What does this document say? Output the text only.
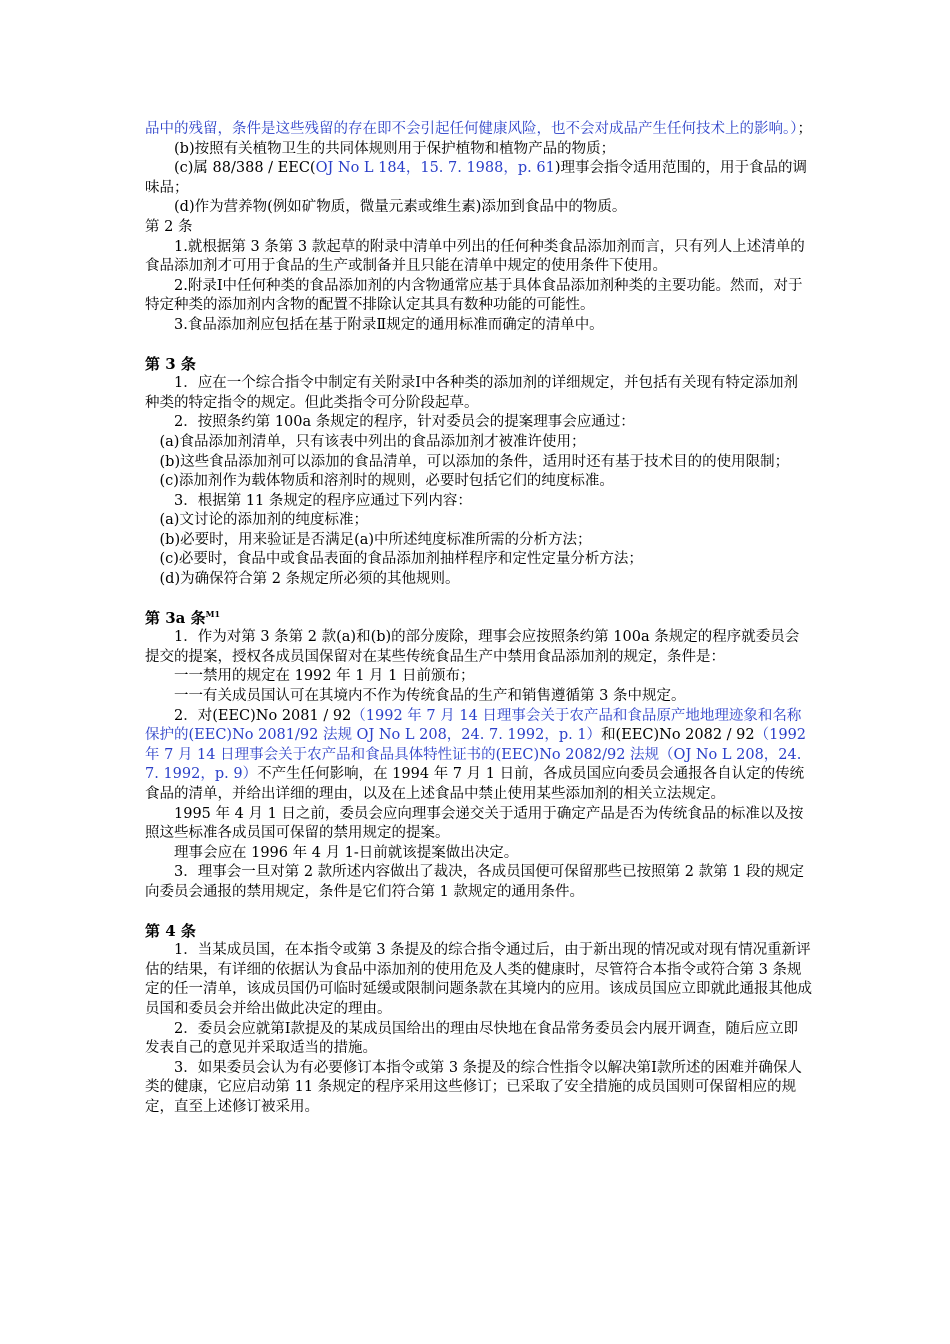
品中的残留，条件是这些残留的存在即不会引起任何健康风险，也不会对成品产生任何技术上的影响。）；

(b)按照有关植物卫生的共同体规则用于保护植物和植物产品的物质；

(c)属 88/388 / EEC(OJ No L 184，15. 7. 1988，p. 61)理事会指令适用范围的，用于食品的调味品；

(d)作为营养物(例如矿物质，微量元素或维生素)添加到食品中的物质。

第 2 条

1.就根据第 3 条第 3 款起草的附录中清单中列出的任何种类食品添加剂而言，只有列人上述清单的食品添加剂才可用于食品的生产或制备并且只能在清单中规定的使用条件下使用。

2.附录Ⅰ中任何种类的食品添加剂的内含物通常应基于具体食品添加剂种类的主要功能。然而，对于特定种类的添加剂内含物的配置不排除认定其具有数种功能的可能性。

3.食品添加剂应包括在基于附录Ⅱ规定的通用标准而确定的清单中。

第 3 条

1．应在一个综合指令中制定有关附录Ⅰ中各种类的添加剂的详细规定，并包括有关现有特定添加剂种类的特定指令的规定。但此类指令可分阶段起草。

2．按照条约第 100a 条规定的程序，针对委员会的提案理事会应通过：

(a)食品添加剂清单，只有该表中列出的食品添加剂才被准许使用；

(b)这些食品添加剂可以添加的食品清单，可以添加的条件，适用时还有基于技术目的的使用限制；

(c)添加剂作为载体物质和溶剂时的规则，必要时包括它们的纯度标准。

3．根据第 11 条规定的程序应通过下列内容：

(a)文讨论的添加剂的纯度标准；

(b)必要时，用来验证是否满足(a)中所述纯度标准所需的分析方法；

(c)必要时，食品中或食品表面的食品添加剂抽样程序和定性定量分析方法；

(d)为确保符合第 2 条规定所必须的其他规则。

第 3a 条$^{M1}$

1．作为对第 3 条第 2 款(a)和(b)的部分废除，理事会应按照条约第 100a 条规定的程序就委员会提交的提案，授权各成员国保留对在某些传统食品生产中禁用食品添加剂的规定，条件是：

一一禁用的规定在 1992 年 1 月 1 日前颁布；

一一有关成员国认可在其境内不作为传统食品的生产和销售遵循第 3 条中规定。

2．对(EEC)No 2081 / 92（1992 年 7 月 14 日理事会关于农产品和食品原产地地理迹象和名称保护的(EEC)No 2081/92 法规 OJ No L 208，24. 7. 1992，p. 1）和(EEC)No 2082 / 92（1992 年 7 月 14 日理事会关于农产品和食品具体特性证书的(EEC)No 2082/92 法规（OJ No L 208，24. 7. 1992，p. 9）不产生任何影响，在 1994 年 7 月 1 日前，各成员国应向委员会通报各自认定的传统食品的清单，并给出详细的理由，以及在上述食品中禁止使用某些添加剂的相关立法规定。

1995 年 4 月 1 日之前，委员会应向理事会递交关于适用于确定产品是否为传统食品的标准以及按照这些标准各成员国可保留的禁用规定的提案。

理事会应在 1996 年 4 月 1-日前就该提案做出决定。

3．理事会一旦对第 2 款所述内容做出了裁决，各成员国便可保留那些已按照第 2 款第 1 段的规定向委员会通报的禁用规定，条件是它们符合第 1 款规定的通用条件。

第 4 条

1．当某成员国，在本指令或第 3 条提及的综合指令通过后，由于新出现的情况或对现有情况重新评估的结果，有详细的依据认为食品中添加剂的使用危及人类的健康时，尽管符合本指令或符合第 3 条规定的任一清单，该成员国仍可临时延缓或限制问题条款在其境内的应用。该成员国应立即就此通报其他成员国和委员会并给出做此决定的理由。

2．委员会应就第Ⅰ款提及的某成员国给出的理由尽快地在食品常务委员会内展开调查，随后应立即发表自己的意见并采取适当的措施。

3．如果委员会认为有必要修订本指令或第 3 条提及的综合性指令以解决第Ⅰ款所述的困难并确保人类的健康，它应启动第 11 条规定的程序采用这些修订；已采取了安全措施的成员国则可保留相应的规定，直至上述修订被采用。
